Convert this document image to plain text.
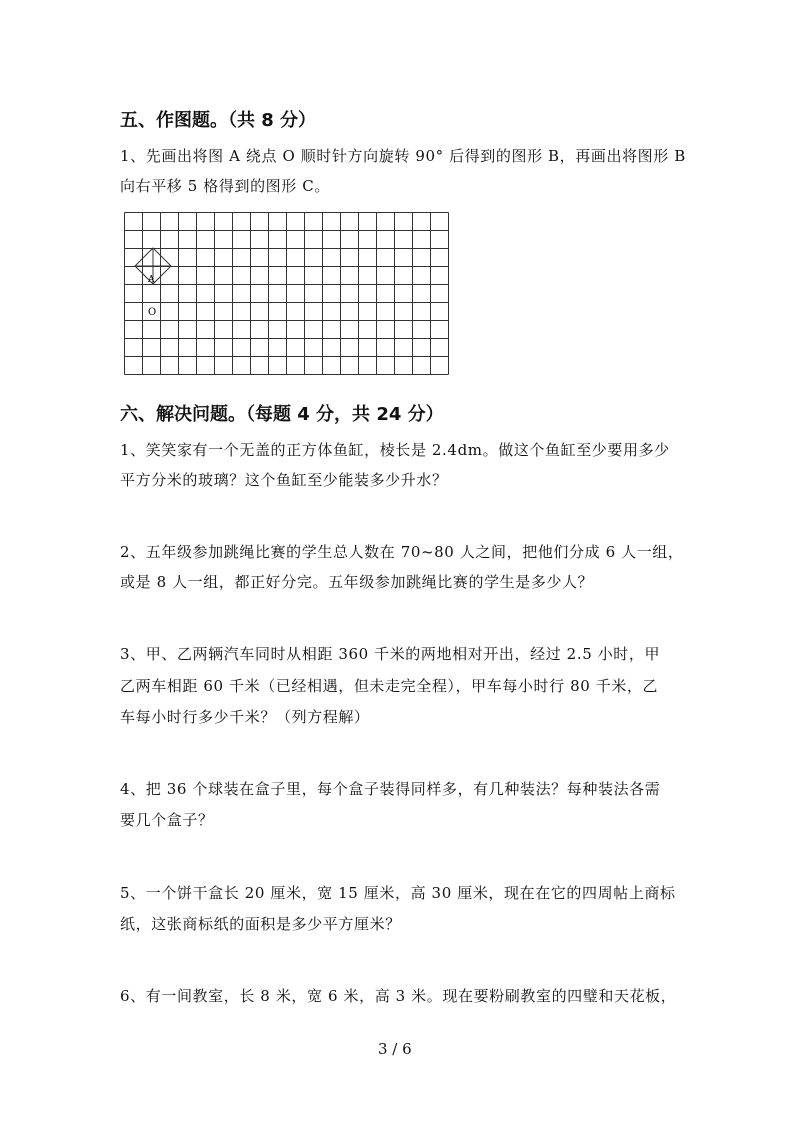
五、作图题。（共 8 分）
1、先画出将图 A 绕点 O 顺时针方向旋转 90° 后得到的图形 B，再画出将图形 B
向右平移 5 格得到的图形 C。
A
O
六、解决问题。（每题 4 分，共 24 分）
1、笑笑家有一个无盖的正方体鱼缸，棱长是 2.4dm。做这个鱼缸至少要用多少
平方分米的玻璃？这个鱼缸至少能装多少升水？
2、五年级参加跳绳比赛的学生总人数在 70~80 人之间，把他们分成 6 人一组，
或是 8 人一组，都正好分完。五年级参加跳绳比赛的学生是多少人？
3、甲、乙两辆汽车同时从相距 360 千米的两地相对开出，经过 2.5 小时，甲
乙两车相距 60 千米（已经相遇，但未走完全程），甲车每小时行 80 千米，乙
车每小时行多少千米？（列方程解）
4、把 36 个球装在盒子里，每个盒子装得同样多，有几种装法？每种装法各需
要几个盒子？
5、一个饼干盒长 20 厘米，宽 15 厘米，高 30 厘米，现在在它的四周帖上商标
纸，这张商标纸的面积是多少平方厘米？
6、有一间教室，长 8 米，宽 6 米，高 3 米。现在要粉刷教室的四璧和天花板，
3 / 6
